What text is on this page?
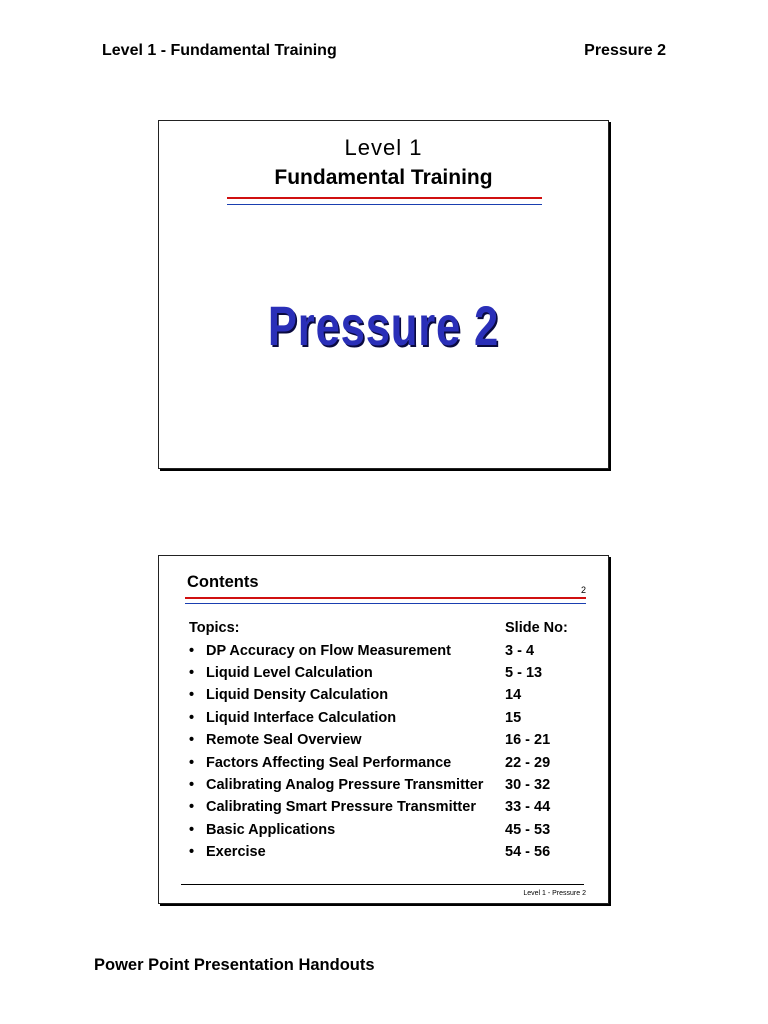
Level 1 - Fundamental Training	Pressure 2
Level 1
Fundamental Training
Pressure 2
Contents	2
Topics:	Slide No:
• DP Accuracy on Flow Measurement	3 - 4
• Liquid Level Calculation	5 - 13
• Liquid Density Calculation	14
• Liquid Interface Calculation	15
• Remote Seal Overview	16 - 21
• Factors Affecting Seal Performance	22 - 29
• Calibrating Analog Pressure Transmitter 30 - 32
• Calibrating Smart Pressure Transmitter 33 - 44
• Basic Applications	45 - 53
• Exercise	54 - 56
Level 1 - Pressure 2
Power Point Presentation Handouts
